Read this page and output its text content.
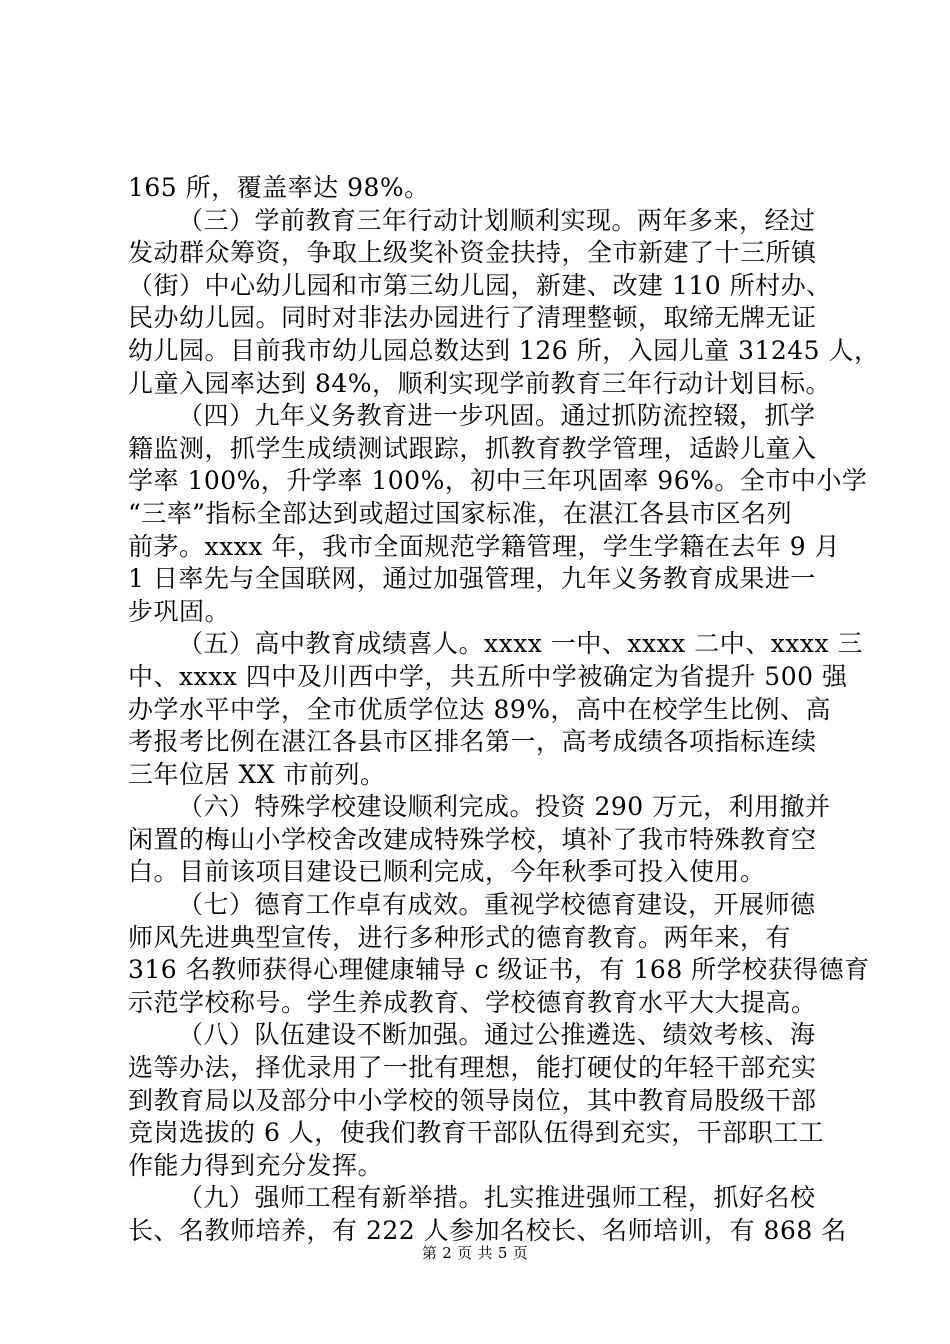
165 所，覆盖率达 98%。
（三）学前教育三年行动计划顺利实现。两年多来，经过
发动群众筹资，争取上级奖补资金扶持，全市新建了十三所镇
（街）中心幼儿园和市第三幼儿园，新建、改建 110 所村办、
民办幼儿园。同时对非法办园进行了清理整顿，取缔无牌无证
幼儿园。目前我市幼儿园总数达到 126 所，入园儿童 31245 人，
儿童入园率达到 84%，顺利实现学前教育三年行动计划目标。
（四）九年义务教育进一步巩固。通过抓防流控辍，抓学
籍监测，抓学生成绩测试跟踪，抓教育教学管理，适龄儿童入
学率 100%，升学率 100%，初中三年巩固率 96%。全市中小学
“三率”指标全部达到或超过国家标准，在湛江各县市区名列
前茅。xxxx 年，我市全面规范学籍管理，学生学籍在去年 9 月
1 日率先与全国联网，通过加强管理，九年义务教育成果进一
步巩固。
（五）高中教育成绩喜人。xxxx 一中、xxxx 二中、xxxx 三
中、xxxx 四中及川西中学，共五所中学被确定为省提升 500 强
办学水平中学，全市优质学位达 89%，高中在校学生比例、高
考报考比例在湛江各县市区排名第一，高考成绩各项指标连续
三年位居 XX 市前列。
（六）特殊学校建设顺利完成。投资 290 万元，利用撤并
闲置的梅山小学校舍改建成特殊学校，填补了我市特殊教育空
白。目前该项目建设已顺利完成，今年秋季可投入使用。
（七）德育工作卓有成效。重视学校德育建设，开展师德
师风先进典型宣传，进行多种形式的德育教育。两年来，有
316 名教师获得心理健康辅导 c 级证书，有 168 所学校获得德育
示范学校称号。学生养成教育、学校德育教育水平大大提高。
（八）队伍建设不断加强。通过公推遴选、绩效考核、海
选等办法，择优录用了一批有理想，能打硬仗的年轻干部充实
到教育局以及部分中小学校的领导岗位，其中教育局股级干部
竞岗选拔的 6 人，使我们教育干部队伍得到充实，干部职工工
作能力得到充分发挥。
（九）强师工程有新举措。扎实推进强师工程，抓好名校
长、名教师培养，有 222 人参加名校长、名师培训，有 868 名
第 2 页 共 5 页
